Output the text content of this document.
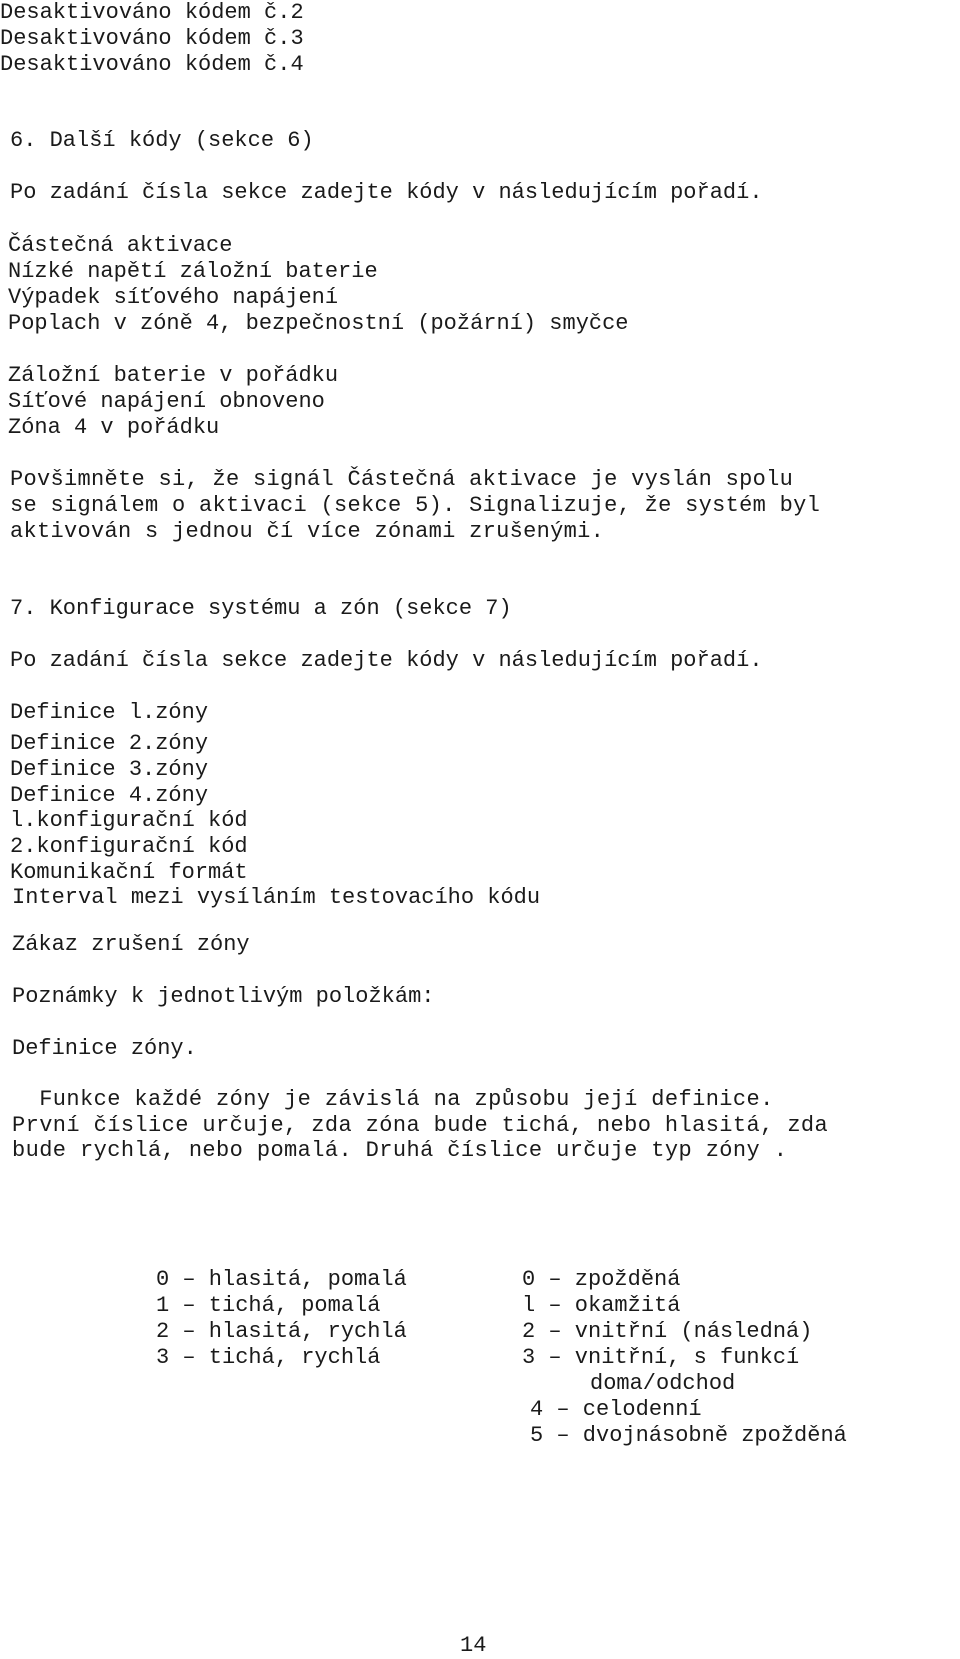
Desaktivováno kódem č.2
Desaktivováno kódem č.3
Desaktivováno kódem č.4
6. Další kódy (sekce 6)
Po zadání čísla sekce zadejte kódy v následujícím pořadí.
Částečná aktivace
Nízké napětí záložní baterie
Výpadek síťového napájení
Poplach v zóně 4, bezpečnostní (požární) smyčce
Záložní baterie v pořádku
Síťové napájení obnoveno
Zóna 4 v pořádku
Povšimněte si, že signál Částečná aktivace je vyslán spolu
se signálem o aktivaci (sekce 5). Signalizuje, že systém byl
aktivován s jednou čí více zónami zrušenými.
7. Konfigurace systému a zón (sekce 7)
Po zadání čísla sekce zadejte kódy v následujícím pořadí.
Definice l.zóny
Definice 2.zóny
Definice 3.zóny
Definice 4.zóny
l.konfigurační kód
2.konfigurační kód
Komunikační formát
Interval mezi vysíláním testovacího kódu
Zákaz zrušení zóny
Poznámky k jednotlivým položkám:
Definice zóny.
Funkce každé zóny je závislá na způsobu její definice.
První číslice určuje, zda zóna bude tichá, nebo hlasitá, zda
bude rychlá, nebo pomalá. Druhá číslice určuje typ zóny .
0 – hlasitá, pomalá
1 – tichá, pomalá
2 – hlasitá, rychlá
3 – tichá, rychlá
0 – zpožděná
l – okamžitá
2 – vnitřní (následná)
3 – vnitřní, s funkcí
doma/odchod
4 – celodenní
5 – dvojnásobně zpožděná
14
